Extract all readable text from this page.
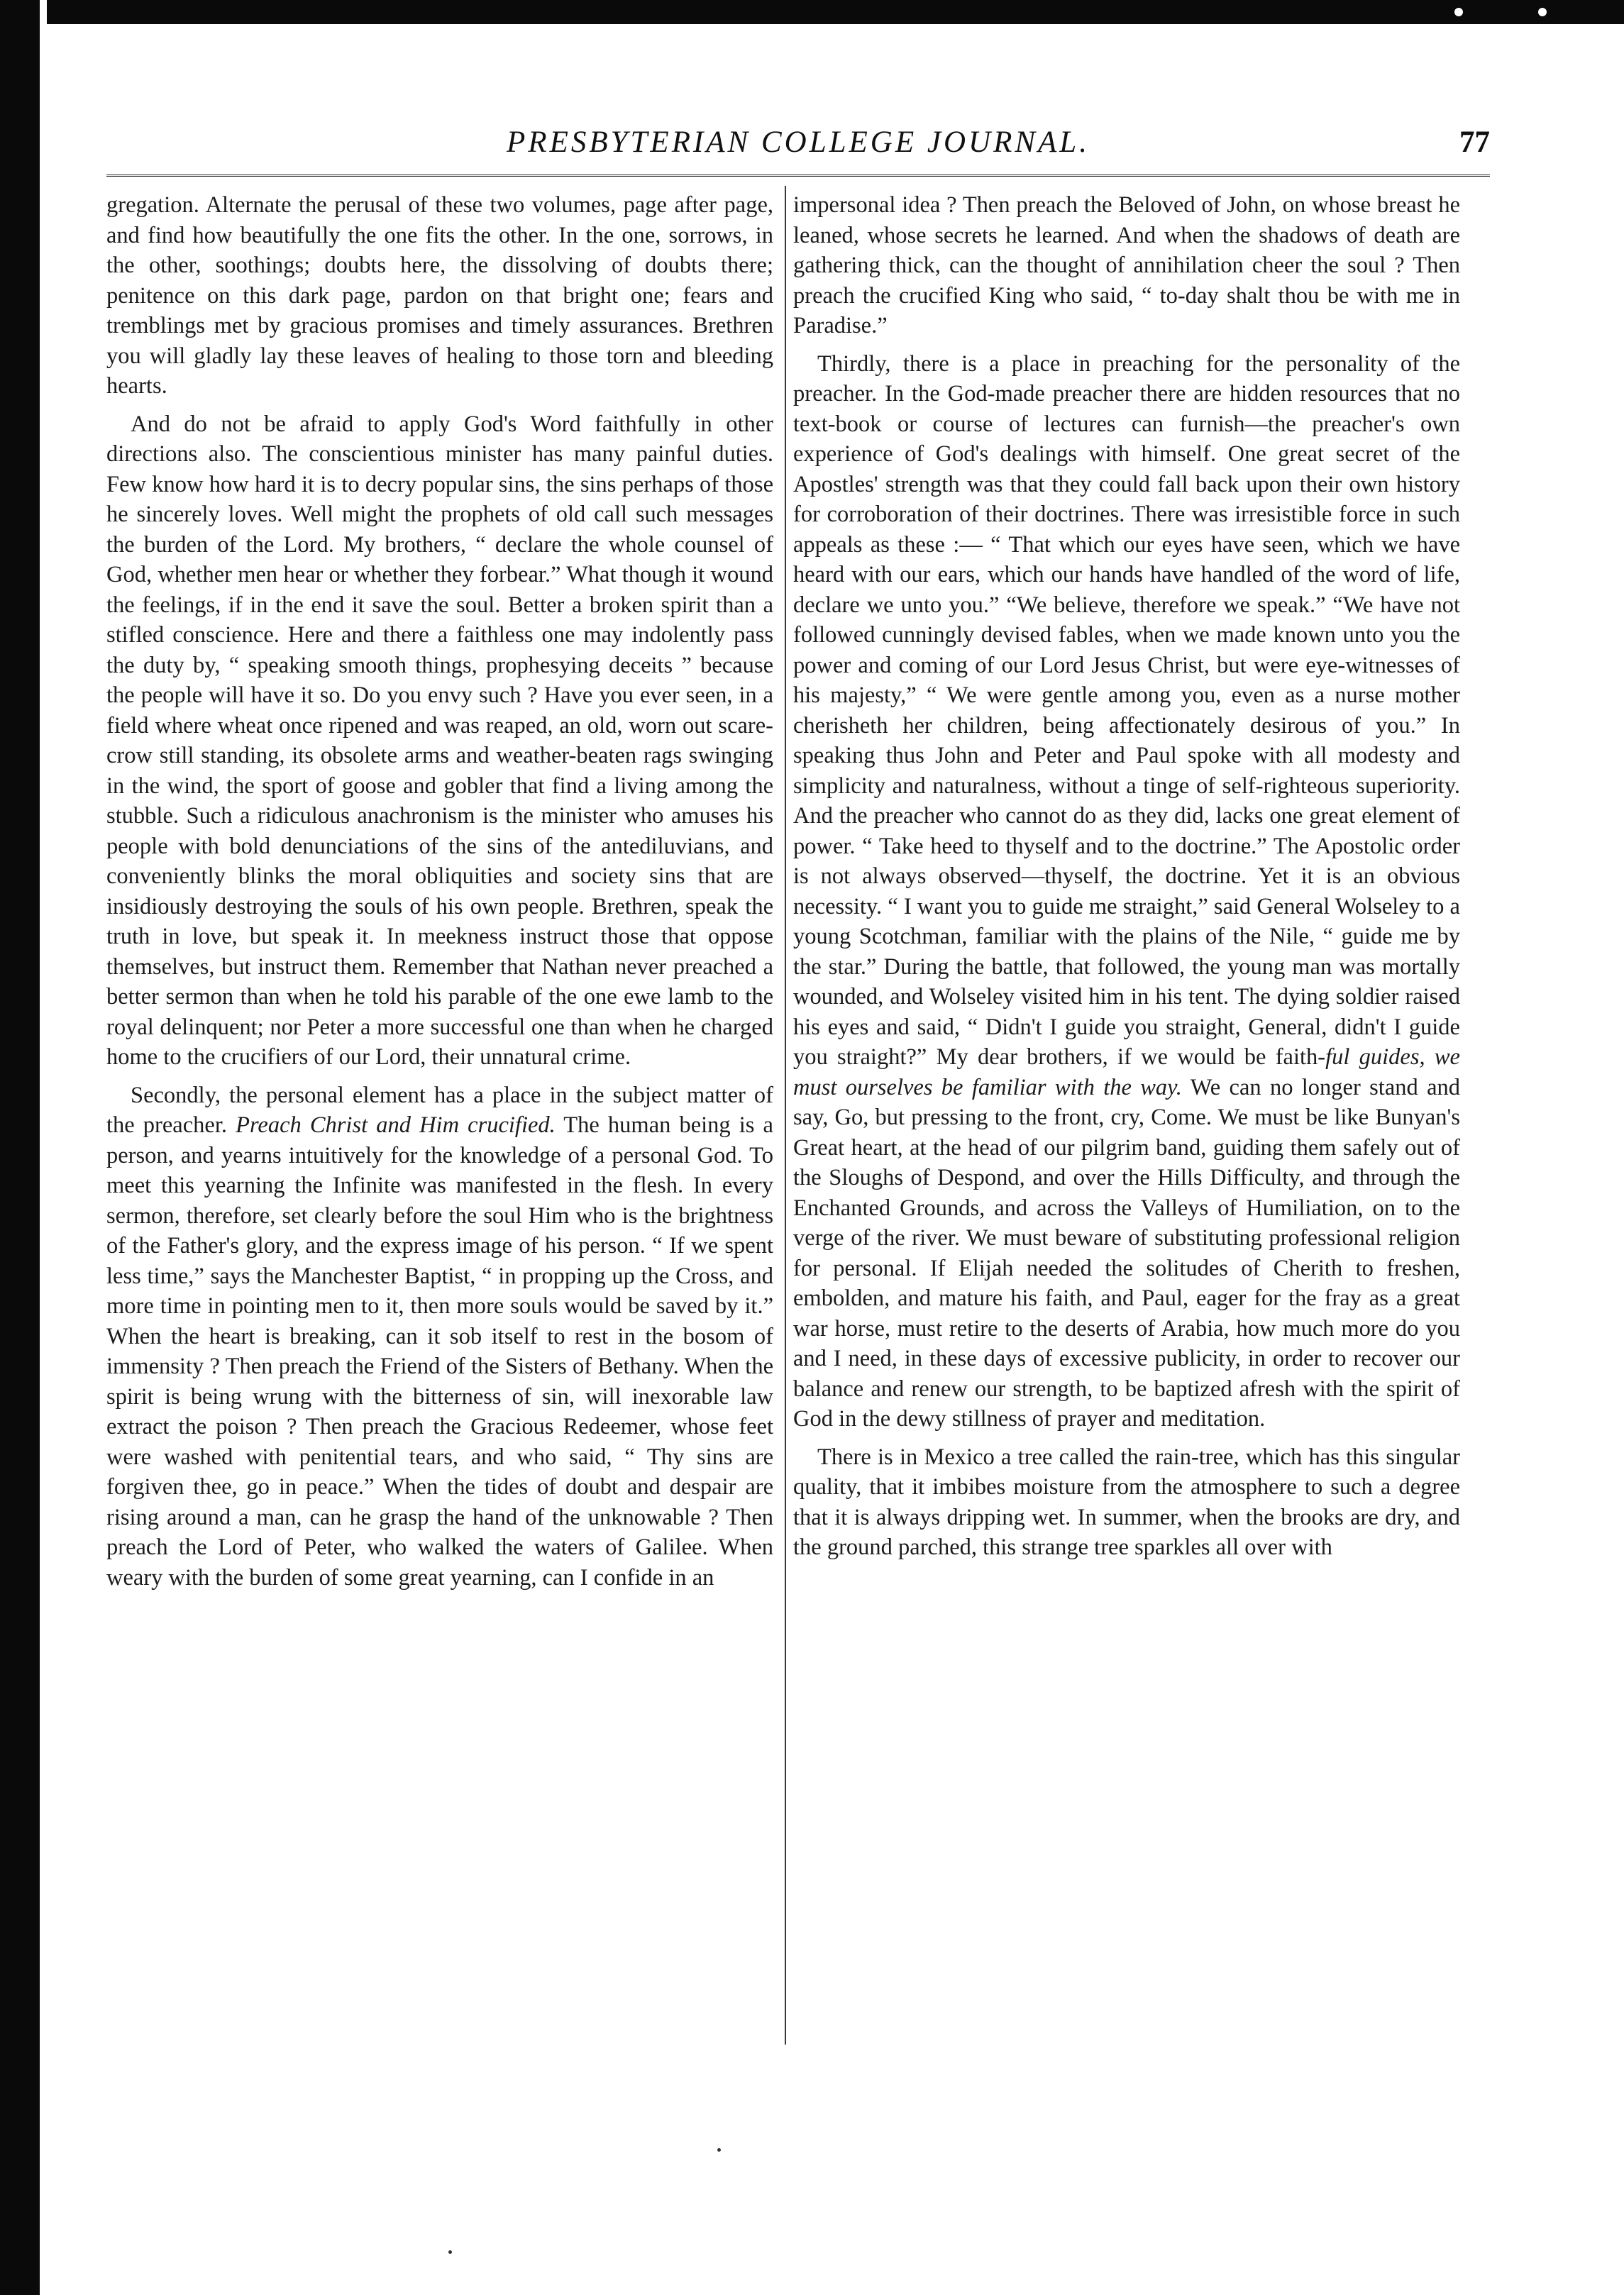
PRESBYTERIAN COLLEGE JOURNAL.	77

gregation. Alternate the perusal of these two volumes, page after page, and find how beautifully the one fits the other. In the one, sorrows, in the other, soothings; doubts here, the dissolving of doubts there; penitence on this dark page, pardon on that bright one; fears and tremblings met by gracious promises and timely assurances. Brethren you will gladly lay these leaves of healing to those torn and bleeding hearts.

And do not be afraid to apply God's Word faithfully in other directions also. The conscientious minister has many painful duties. Few know how hard it is to decry popular sins, the sins perhaps of those he sincerely loves. Well might the prophets of old call such messages the burden of the Lord. My brothers, “ declare the whole counsel of God, whether men hear or whether they forbear.” What though it wound the feelings, if in the end it save the soul. Better a broken spirit than a stifled conscience. Here and there a faithless one may indolently pass the duty by, “ speaking smooth things, prophesying deceits ” because the people will have it so. Do you envy such ? Have you ever seen, in a field where wheat once ripened and was reaped, an old, worn out scare-crow still standing, its obsolete arms and weather-beaten rags swinging in the wind, the sport of goose and gobler that find a living among the stubble. Such a ridiculous anachronism is the minister who amuses his people with bold denunciations of the sins of the antediluvians, and conveniently blinks the moral obliquities and society sins that are insidiously destroying the souls of his own people. Brethren, speak the truth in love, but speak it. In meekness instruct those that oppose themselves, but instruct them. Remember that Nathan never preached a better sermon than when he told his parable of the one ewe lamb to the royal delinquent; nor Peter a more successful one than when he charged home to the crucifiers of our Lord, their unnatural crime.

Secondly, the personal element has a place in the subject matter of the preacher. Preach Christ and Him crucified. The human being is a person, and yearns intuitively for the knowledge of a personal God. To meet this yearning the Infinite was manifested in the flesh. In every sermon, therefore, set clearly before the soul Him who is the brightness of the Father's glory, and the express image of his person. “ If we spent less time,” says the Manchester Baptist, “ in propping up the Cross, and more time in pointing men to it, then more souls would be saved by it.” When the heart is breaking, can it sob itself to rest in the bosom of immensity ? Then preach the Friend of the Sisters of Bethany. When the spirit is being wrung with the bitterness of sin, will inexorable law extract the poison ? Then preach the Gracious Redeemer, whose feet were washed with penitential tears, and who said, “ Thy sins are forgiven thee, go in peace.” When the tides of doubt and despair are rising around a man, can he grasp the hand of the unknowable ? Then preach the Lord of Peter, who walked the waters of Galilee. When weary with the burden of some great yearning, can I confide in an

impersonal idea ? Then preach the Beloved of John, on whose breast he leaned, whose secrets he learned. And when the shadows of death are gathering thick, can the thought of annihilation cheer the soul ? Then preach the crucified King who said, “ to-day shalt thou be with me in Paradise.”

Thirdly, there is a place in preaching for the personality of the preacher. In the God-made preacher there are hidden resources that no text-book or course of lectures can furnish—the preacher's own experience of God's dealings with himself. One great secret of the Apostles' strength was that they could fall back upon their own history for corroboration of their doctrines. There was irresistible force in such appeals as these :— “ That which our eyes have seen, which we have heard with our ears, which our hands have handled of the word of life, declare we unto you.” “We believe, therefore we speak.” “We have not followed cunningly devised fables, when we made known unto you the power and coming of our Lord Jesus Christ, but were eye-witnesses of his majesty,” “ We were gentle among you, even as a nurse mother cherisheth her children, being affectionately desirous of you.” In speaking thus John and Peter and Paul spoke with all modesty and simplicity and naturalness, without a tinge of self-righteous superiority. And the preacher who cannot do as they did, lacks one great element of power. “ Take heed to thyself and to the doctrine.” The Apostolic order is not always observed—thyself, the doctrine. Yet it is an obvious necessity. “ I want you to guide me straight,” said General Wolseley to a young Scotchman, familiar with the plains of the Nile, “ guide me by the star.” During the battle, that followed, the young man was mortally wounded, and Wolseley visited him in his tent. The dying soldier raised his eyes and said, “ Didn't I guide you straight, General, didn't I guide you straight?” My dear brothers, if we would be faith-ful guides, we must ourselves be familiar with the way. We can no longer stand and say, Go, but pressing to the front, cry, Come. We must be like Bunyan's Great heart, at the head of our pilgrim band, guiding them safely out of the Sloughs of Despond, and over the Hills Difficulty, and through the Enchanted Grounds, and across the Valleys of Humiliation, on to the verge of the river. We must beware of substituting professional religion for personal. If Elijah needed the solitudes of Cherith to freshen, embolden, and mature his faith, and Paul, eager for the fray as a great war horse, must retire to the deserts of Arabia, how much more do you and I need, in these days of excessive publicity, in order to recover our balance and renew our strength, to be baptized afresh with the spirit of God in the dewy stillness of prayer and meditation.

There is in Mexico a tree called the rain-tree, which has this singular quality, that it imbibes moisture from the atmosphere to such a degree that it is always dripping wet. In summer, when the brooks are dry, and the ground parched, this strange tree sparkles all over with
